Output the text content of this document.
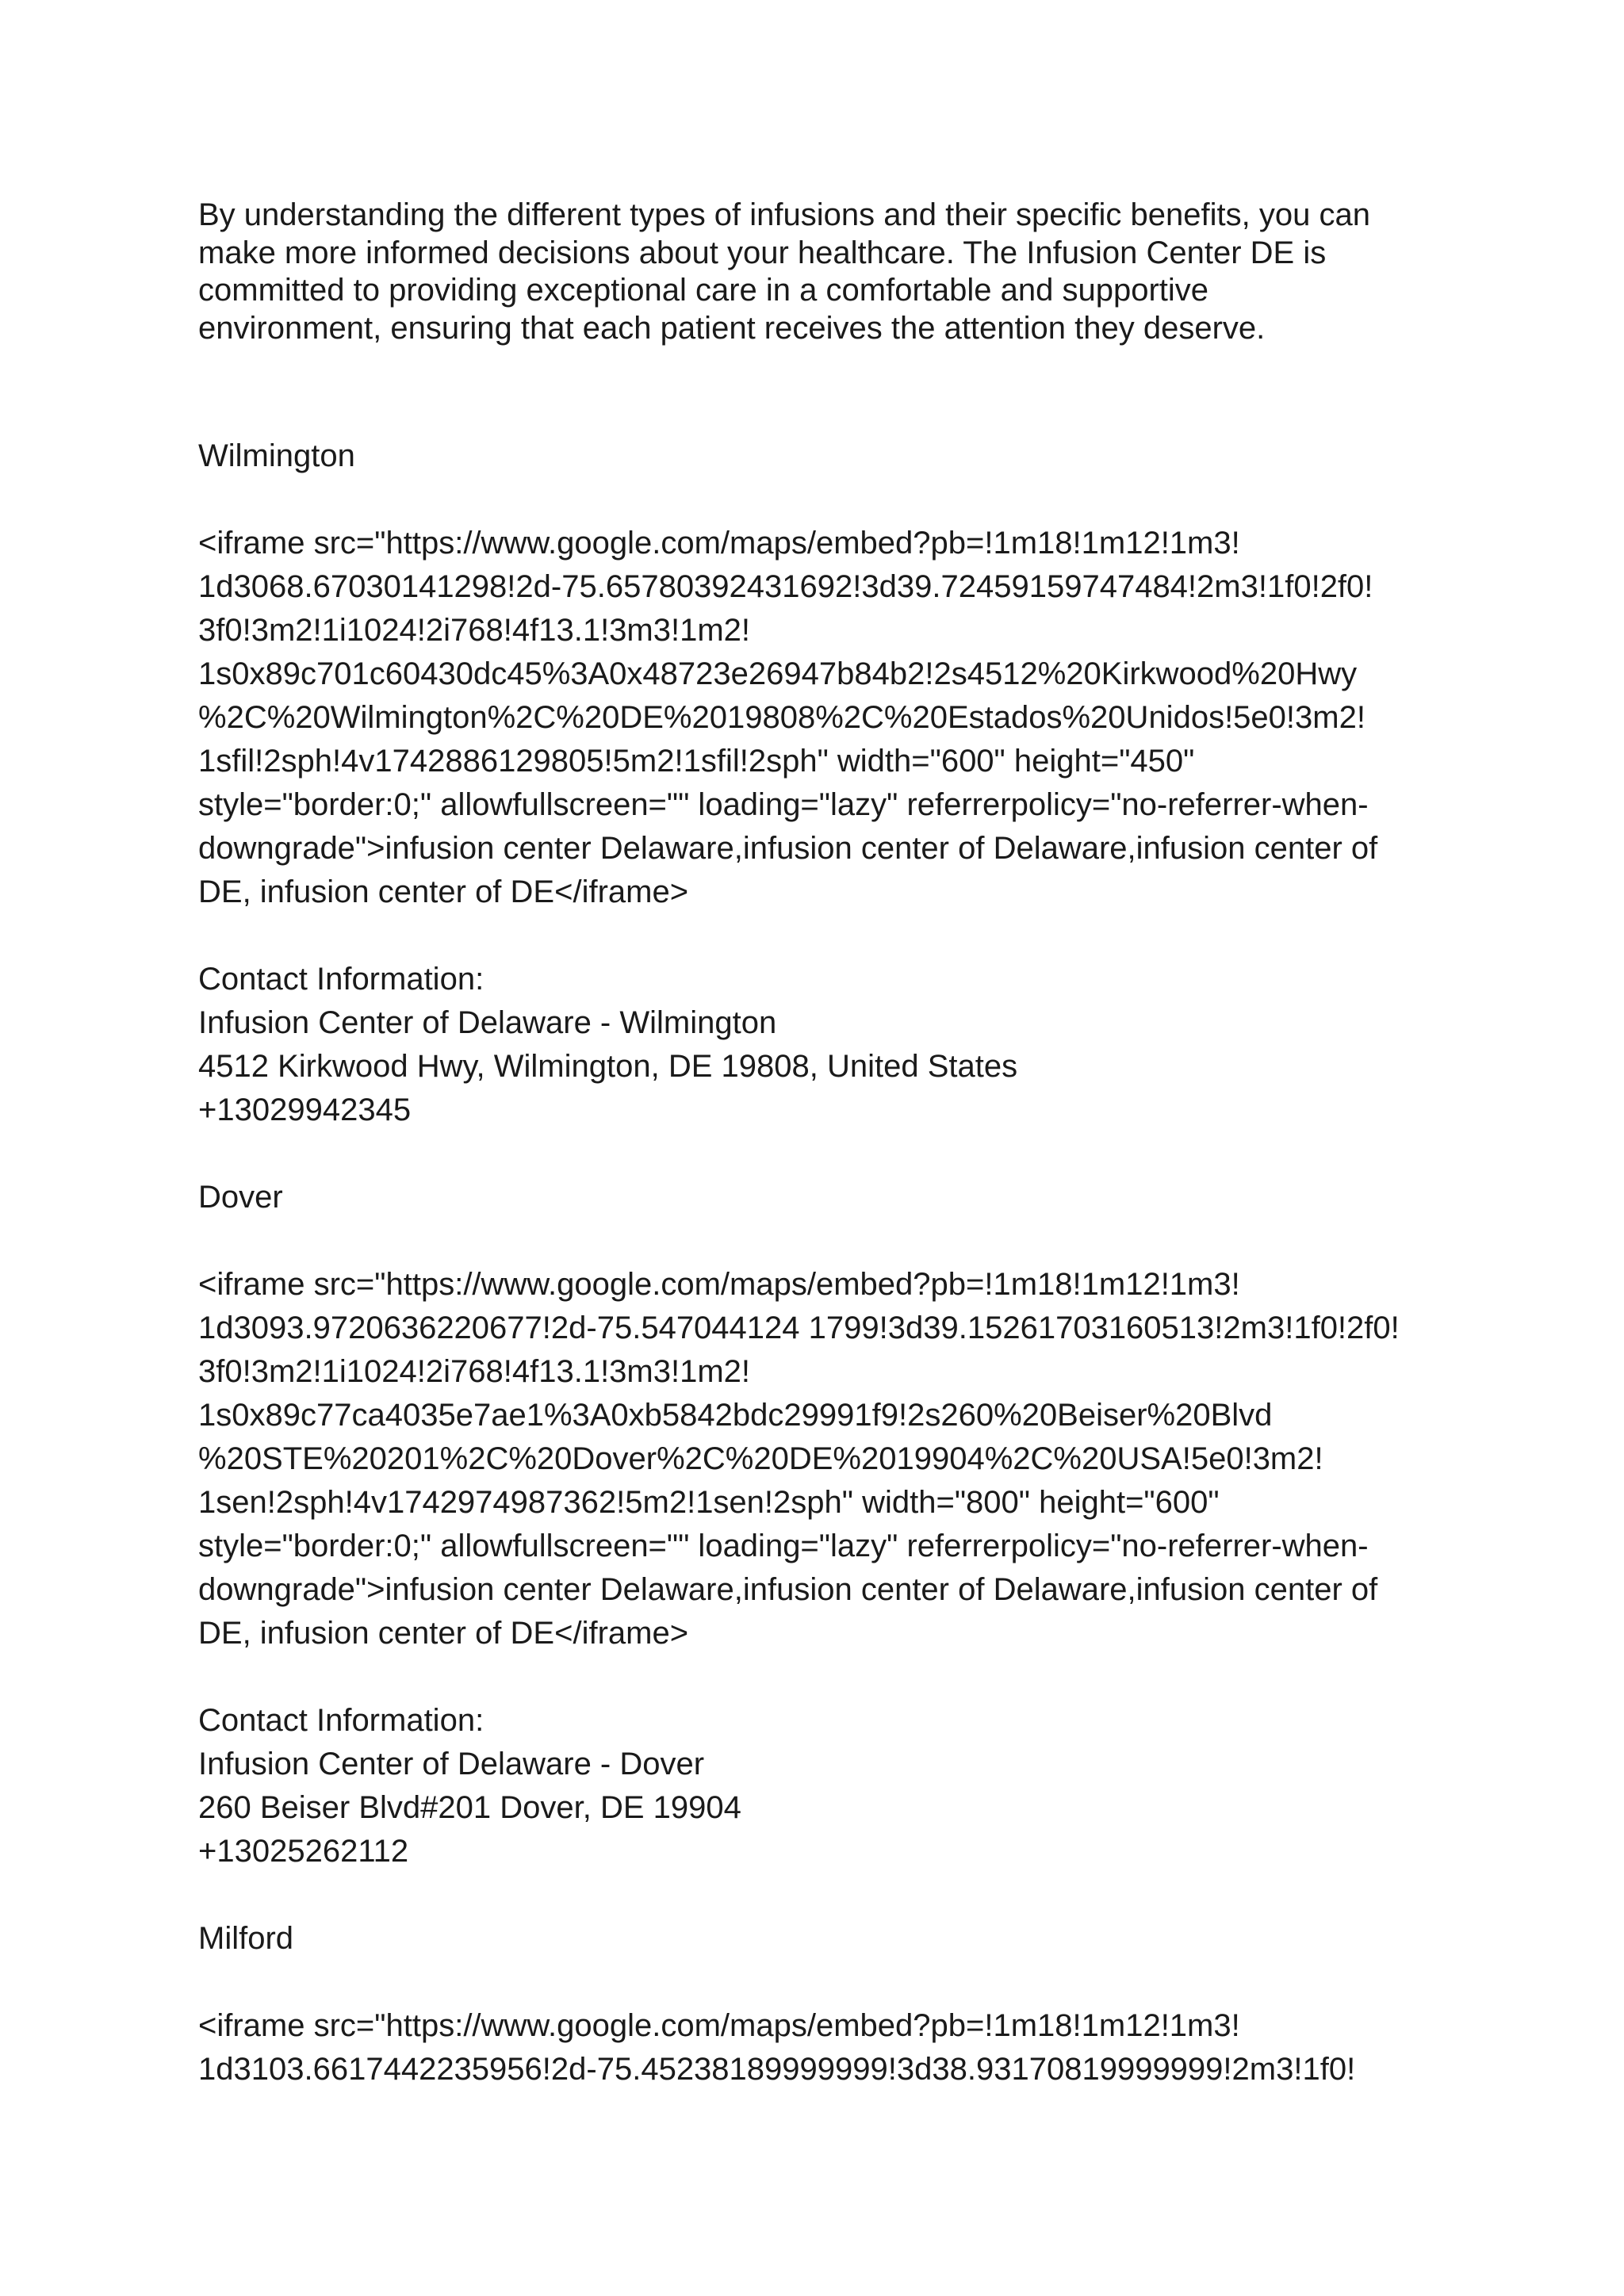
By understanding the different types of infusions and their specific benefits, you can

make more informed decisions about your healthcare. The Infusion Center DE is

committed to providing exceptional care in a comfortable and supportive

environment, ensuring that each patient receives the attention they deserve.

Wilmington

<iframe src="https://www.google.com/maps/embed?pb=!1m18!1m12!1m3!
1d3068.67030141298!2d-75.65780392431692!3d39.72459159747484!2m3!1f0!2f0!
3f0!3m2!1i1024!2i768!4f13.1!3m3!1m2!
1s0x89c701c60430dc45%3A0x48723e26947b84b2!2s4512%20Kirkwood%20Hwy
%2C%20Wilmington%2C%20DE%2019808%2C%20Estados%20Unidos!5e0!3m2!
1sfil!2sph!4v1742886129805!5m2!1sfil!2sph" width="600" height="450"
style="border:0;" allowfullscreen="" loading="lazy" referrerpolicy="no-referrer-when-
downgrade">infusion center Delaware,infusion center of Delaware,infusion center of
DE, infusion center of DE</iframe>
Contact Information:
Infusion Center of Delaware - Wilmington
4512 Kirkwood Hwy, Wilmington, DE 19808, United States
+13029942345

Dover

<iframe src="https://www.google.com/maps/embed?pb=!1m18!1m12!1m3!
1d3093.9720636220677!2d-75.547044124 1799!3d39.15261703160513!2m3!1f0!2f0!
3f0!3m2!1i1024!2i768!4f13.1!3m3!1m2!
1s0x89c77ca4035e7ae1%3A0xb5842bdc29991f9!2s260%20Beiser%20Blvd
%20STE%20201%2C%20Dover%2C%20DE%2019904%2C%20USA!5e0!3m2!
1sen!2sph!4v1742974987362!5m2!1sen!2sph" width="800" height="600"
style="border:0;" allowfullscreen="" loading="lazy" referrerpolicy="no-referrer-when-
downgrade">infusion center Delaware,infusion center of Delaware,infusion center of
DE, infusion center of DE</iframe>
Contact Information:
Infusion Center of Delaware - Dover
260 Beiser Blvd#201 Dover, DE 19904
+13025262112

Milford

<iframe src="https://www.google.com/maps/embed?pb=!1m18!1m12!1m3!
1d3103.6617442235956!2d-75.45238189999999!3d38.93170819999999!2m3!1f0!
